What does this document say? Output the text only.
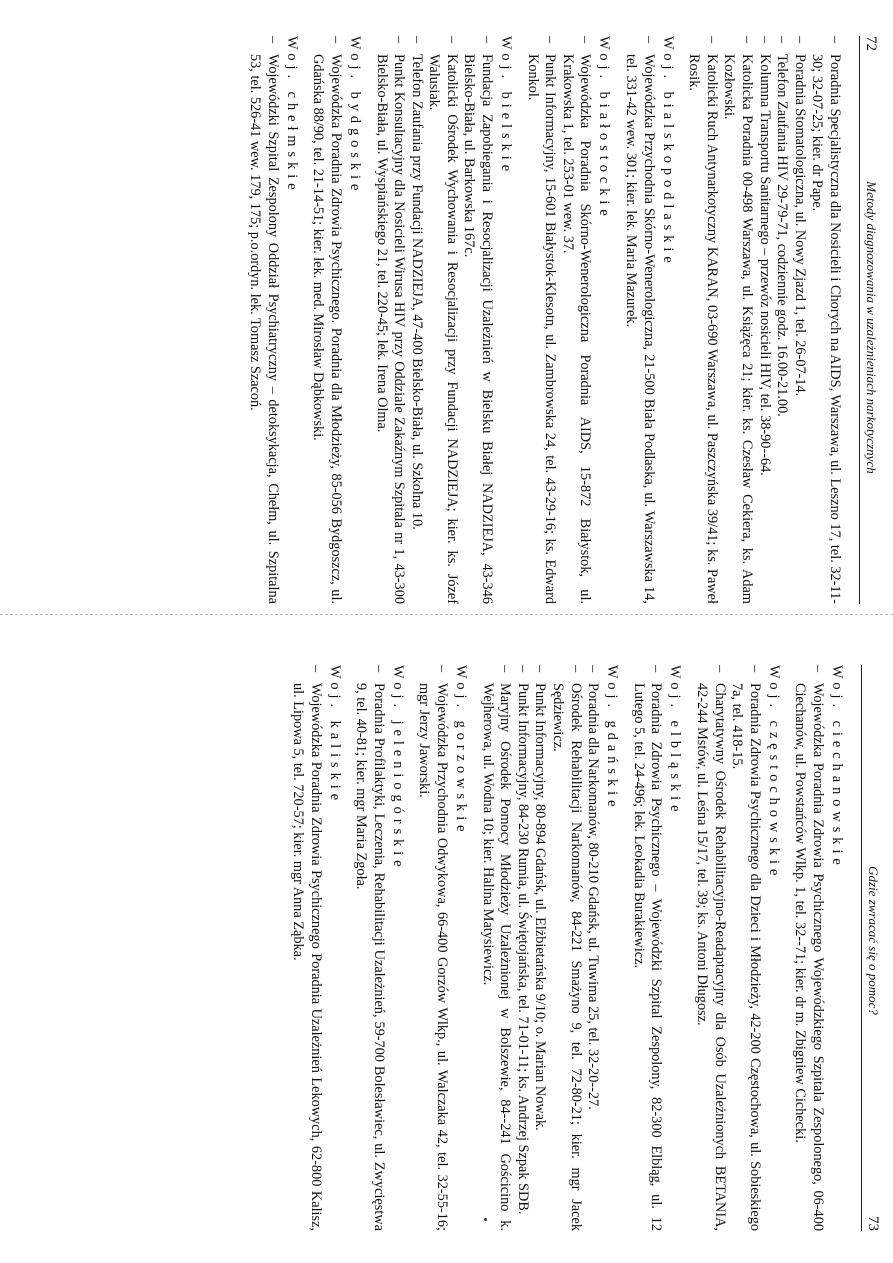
72
Metody diagnozowania w uzależnieniach narkotycznych

–Poradnia Specjalistyczna dla Nosicieli i Chorych na AIDS, Warszawa, ul. Leszno 17, tel. 32-11-30; 32-07-25; kier. dr Pape.

–Poradnia Stomatologiczna, ul. Nowy Zjazd 1, tel. 26-07-14.

–Telefon Zaufania HIV 29-79-71, codziennie godz. 16.00-21.00.

–Kolumna Transportu Sanitarnego – przewóz nosicieli HIV, tel. 38-90--64.

–Katolicka Poradnia 00-498 Warszawa, ul. Książęca 21; kier. ks. Czesław Cekiera, ks. Adam Kozłowski.

–Katolicki Ruch Antynarkotyczny KARAN, 03-690 Warszawa, ul. Paszczyńska 39/41; ks. Paweł Rosik.

Woj. bialskopodlaskie

–Wojewódzka Przychodnia Skórno-Wenerologiczna, 21-500 Biała Podlaska, ul. Warszawska 14, tel. 331-42 wew. 301; kier. lek. Maria Mazurek.

Woj. białostockie

–Wojewódzka Poradnia Skórno-Wenerologiczna Poradnia AIDS, 15-872 Białystok, ul. Krakowska 1, tel. 253-01 wew. 37.

–Punkt Informacyjny, 15-601 Białystok-Klesotn, ul. Zambrowska 24, tel. 43-29-16; ks. Edward Konkol.

Woj. bielskie

–Fundacja Zapobiegania i Resocjalizacji Uzależnień w Bielsku Białej NADZIEJA, 43-346 Bielsko-Biała, ul. Barkowska 167c.

–Katolicki Ośrodek Wychowania i Resocjalizacji przy Fundacji NADZIEJA; kier. ks. Józef Walusiak.

–Telefon Zaufania przy Fundacji NADZIEJA, 47-400 Bielsko-Biała, ul. Szkolna 10.

–Punkt Konsultacyjny dla Nosicieli Wirusa HIV przy Oddziale Zakaźnym Szpitala nr 1, 43-300 Bielsko-Biała, ul. Wyspiańskiego 21, tel. 220-45; lek. Irena Olma.

Woj. bydgoskie

–Wojewódzka Poradnia Zdrowia Psychicznego. Poradnia dla Młodzieży, 85-056 Bydgoszcz, ul. Gdańska 88/90, tel. 21-14-51; kier. lek. med. Mirosław Dąbkowski.

Woj. chełmskie

–Wojewódzki Szpital Zespolony Oddział Psychiatryczny – detoksykacja, Chełm, ul. Szpitalna 53, tel. 526-41 wew. 179, 175; p.o.ordyn. lek. Tomasz Szacoń.

Gdzie zwracać się o pomoc?
73
Woj. ciechanowskie

–Wojewódzka Poradnia Zdrowia Psychicznego Wojewódzkiego Szpitala Zespolonego, 06-400 Ciechanów, ul. Powstańców Wlkp. 1, tel. 32--71; kier. dr m. Zbigniew Cichecki.

Woj. częstochowskie

–Poradnia Zdrowia Psychicznego dla Dzieci i Młodzieży, 42-200 Częstochowa, ul. Sobieskiego 7a, tel. 418-15.

–Charytatywny Ośrodek Rehabilitacyjno-Readaptacyjny dla Osób Uzależnionych BETANIA, 42-244 Mstów, ul. Leśna 15/17, tel. 39; ks. Antoni Długosz.

Woj. elbląskie

–Poradnia Zdrowia Psychicznego – Wojewódzki Szpital Zespolony, 82-300 Elbląg, ul. 12 Lutego 5, tel. 24-496; lek. Leokadia Burakiewicz.

Woj. gdańskie

–Poradnia dla Narkomanów, 80-210 Gdańsk, ul. Tuwima 25, tel. 32-20--27.

–Ośrodek Rehabilitacji Narkomanów, 84-221 Smażyno 9, tel. 72-80-21; kier. mgr Jacek Sędziewicz.

–Punkt Informacyjny, 80-894 Gdańsk, ul. Elżbietańska 9/10; o. Marian Nowak.

–Punkt Informacyjny, 84-230 Rumia, ul. Świętojańska, tel. 71-01-11; ks. Andrzej Szpak SDB.

–Maryjny Ośrodek Pomocy Młodzieży Uzależnionej w Bolszewie, 84--241 Gościcino k. Wejherowa, ul. Wodna 10; kier. Halina Matysiewicz.

Woj. gorzowskie

–Wojewódzka Przychodnia Odwykowa, 66-400 Gorzów Wlkp., ul. Walczaka 42, tel. 32-55-16; mgr Jerzy Jaworski.

Woj. jeleniogórskie

–Poradnia Profilaktyki, Leczenia, Rehabilitacji Uzależnień, 59-700 Bolesławiec, ul. Zwycięstwa 9, tel. 40-81; kier. mgr Maria Zgoła.

Woj. kaliskie

–Wojewódzka Poradnia Zdrowia Psychicznego Poradnia Uzależnień Lekowych, 62-800 Kalisz, ul. Lipowa 5, tel. 720-57; kier. mgr Anna Ząbka.
